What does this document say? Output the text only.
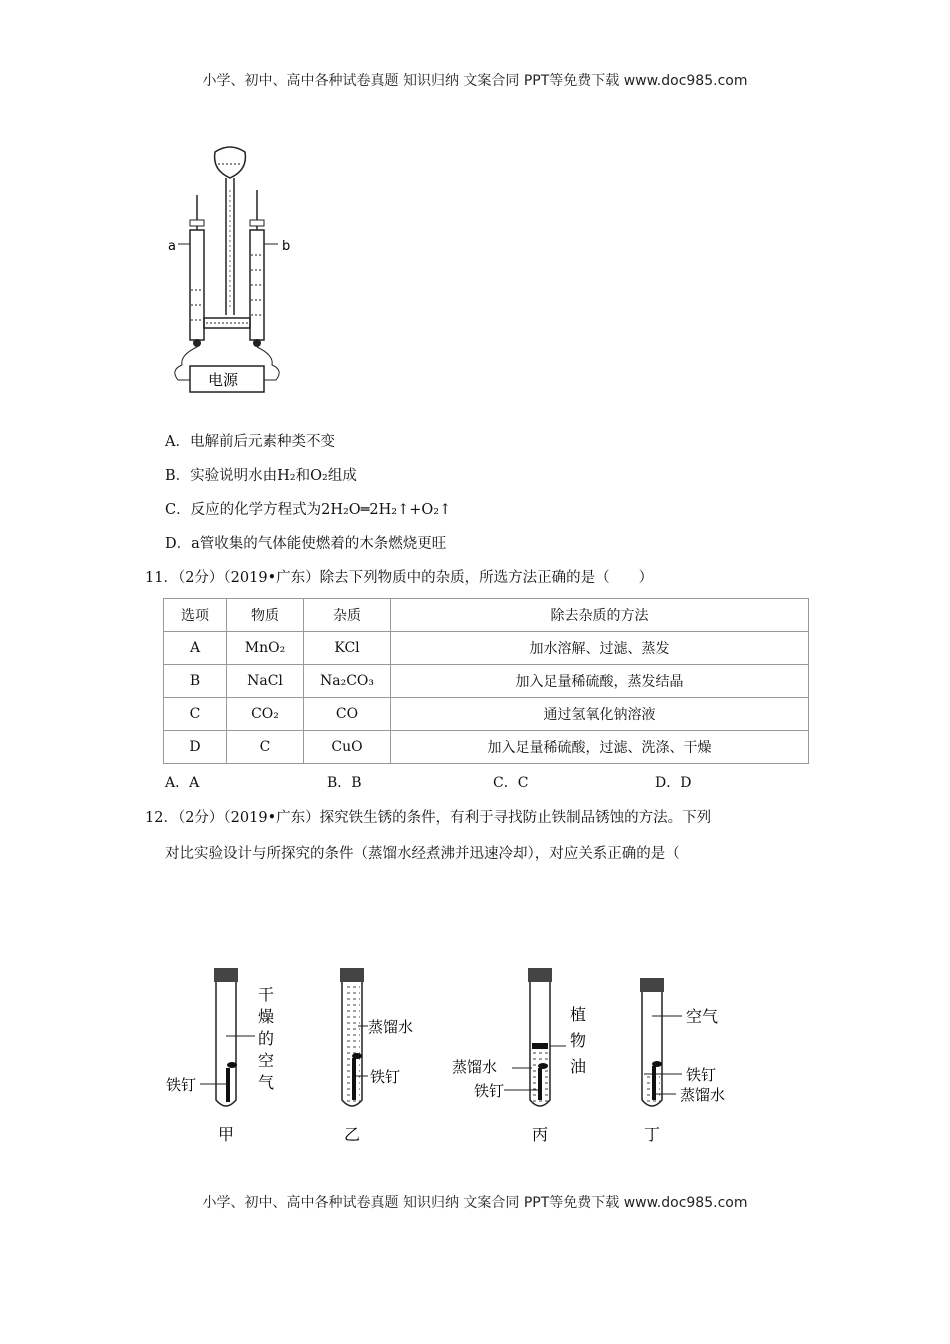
小学、初中、高中各种试卷真题 知识归纳 文案合同 PPT等免费下载 www.doc985.com
a	b
电源
A．电解前后元素种类不变
B．实验说明水由H₂和O₂组成
C．反应的化学方程式为2H₂O═2H₂↑+O₂↑
D．a管收集的气体能使燃着的木条燃烧更旺
11．（2分）（2019•广东）除去下列物质中的杂质，所选方法正确的是（　　）
选项	物质	杂质	除去杂质的方法
A	MnO₂	KCl	加水溶解、过滤、蒸发
B	NaCl	Na₂CO₃	加入足量稀硫酸，蒸发结晶
C	CO₂	CO	通过氢氧化钠溶液
D	C	CuO	加入足量稀硫酸，过滤、洗涤、干燥
A．A	B．B	C．C	D．D
12．（2分）（2019•广东）探究铁生锈的条件，有利于寻找防止铁制品锈蚀的方法。下列
对比实验设计与所探究的条件（蒸馏水经煮沸并迅速冷却），对应关系正确的是（
干
燥
的
空
气
铁钉
甲
蒸馏水
铁钉
乙
蒸馏水
铁钉
植
物
油
丙
空气
铁钉
蒸馏水
丁
小学、初中、高中各种试卷真题 知识归纳 文案合同 PPT等免费下载 www.doc985.com
